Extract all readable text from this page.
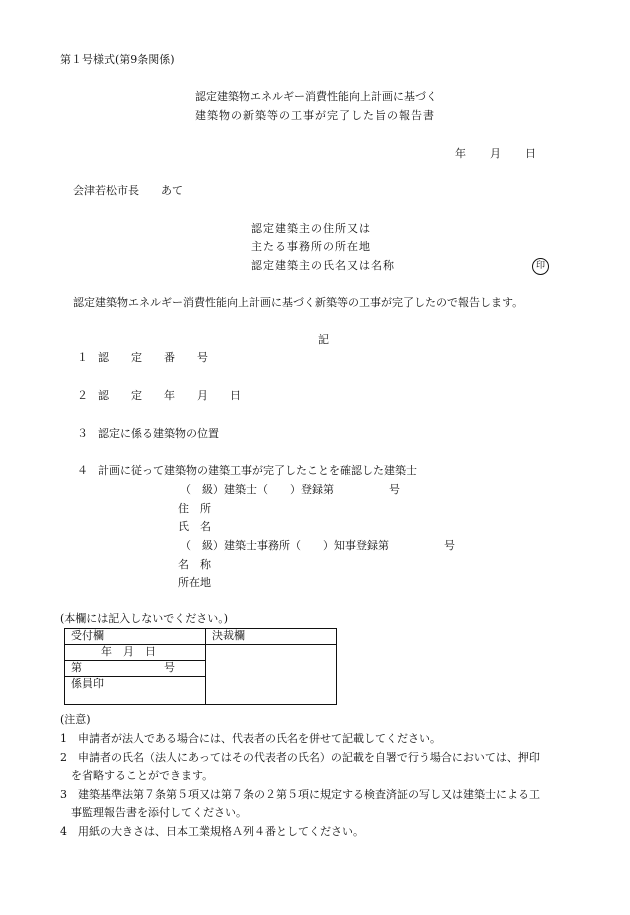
第１号様式(第9条関係)
認定建築物エネルギー消費性能向上計画に基づく
建築物の新築等の工事が完了した旨の報告書
年 月 日
会津若松市長　　あて
認定建築主の住所又は
主たる事務所の所在地
認定建築主の氏名又は名称	印
認定建築物エネルギー消費性能向上計画に基づく新築等の工事が完了したので報告します。
記
１ 認　　定　　番　　号
２ 認　　定　　年　　月　　日
３ 認定に係る建築物の位置
４ 計画に従って建築物の建築工事が完了したことを確認した建築士
（　級）建築士（　　）登録第　　　　　号
住　所
氏　名
（　級）建築士事務所（　　）知事登録第　　　　　号
名　称
所在地
(本欄には記入しないでください。)
受付欄	決裁欄
年　月　日	
第 号	
係員印	
(注意)
1　申請者が法人である場合には、代表者の氏名を併せて記載してください。
2　申請者の氏名（法人にあってはその代表者の氏名）の記載を自署で行う場合においては、押印
を省略することができます。
3　建築基準法第７条第５項又は第７条の２第５項に規定する検査済証の写し又は建築士による工
事監理報告書を添付してください。
4　用紙の大きさは、日本工業規格Ａ列４番としてください。
